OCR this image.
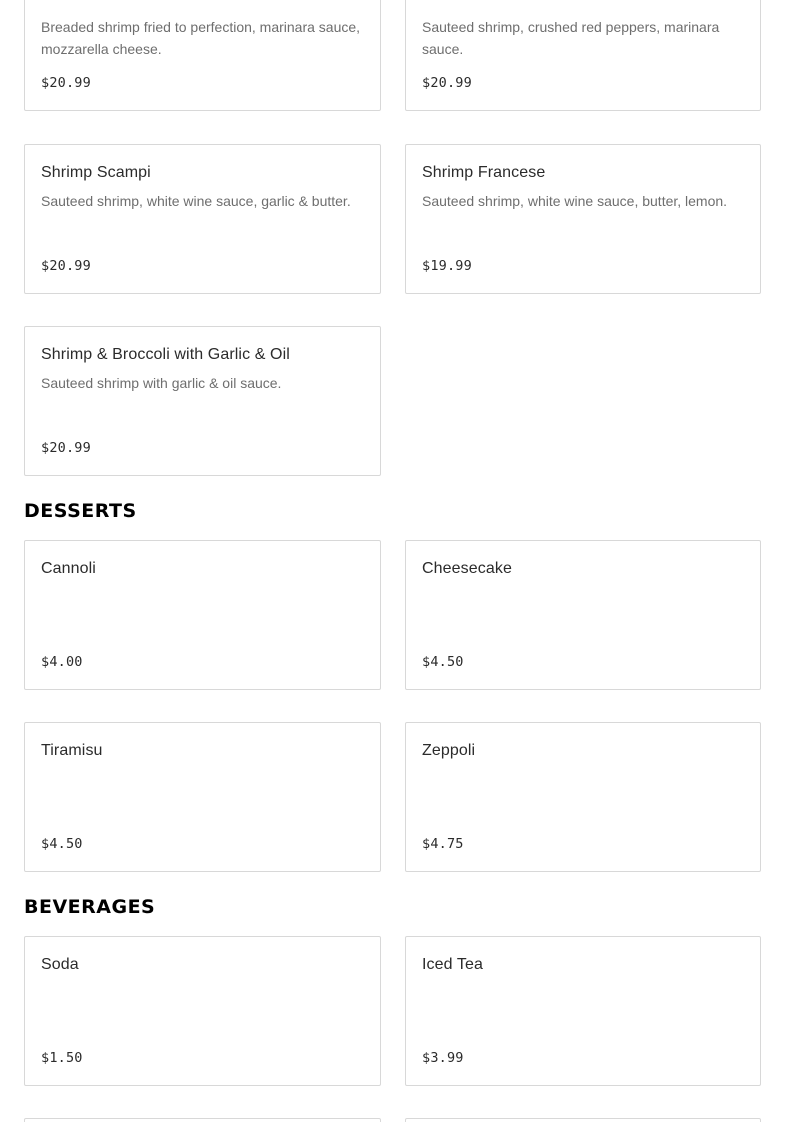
Breaded shrimp fried to perfection, marinara sauce, mozzarella cheese.
$20.99
Sauteed shrimp, crushed red peppers, marinara sauce.
$20.99
Shrimp Scampi
Sauteed shrimp, white wine sauce, garlic & butter.
$20.99
Shrimp Francese
Sauteed shrimp, white wine sauce, butter, lemon.
$19.99
Shrimp & Broccoli with Garlic & Oil
Sauteed shrimp with garlic & oil sauce.
$20.99
DESSERTS
Cannoli
$4.00
Cheesecake
$4.50
Tiramisu
$4.50
Zeppoli
$4.75
BEVERAGES
Soda
$1.50
Iced Tea
$3.99
